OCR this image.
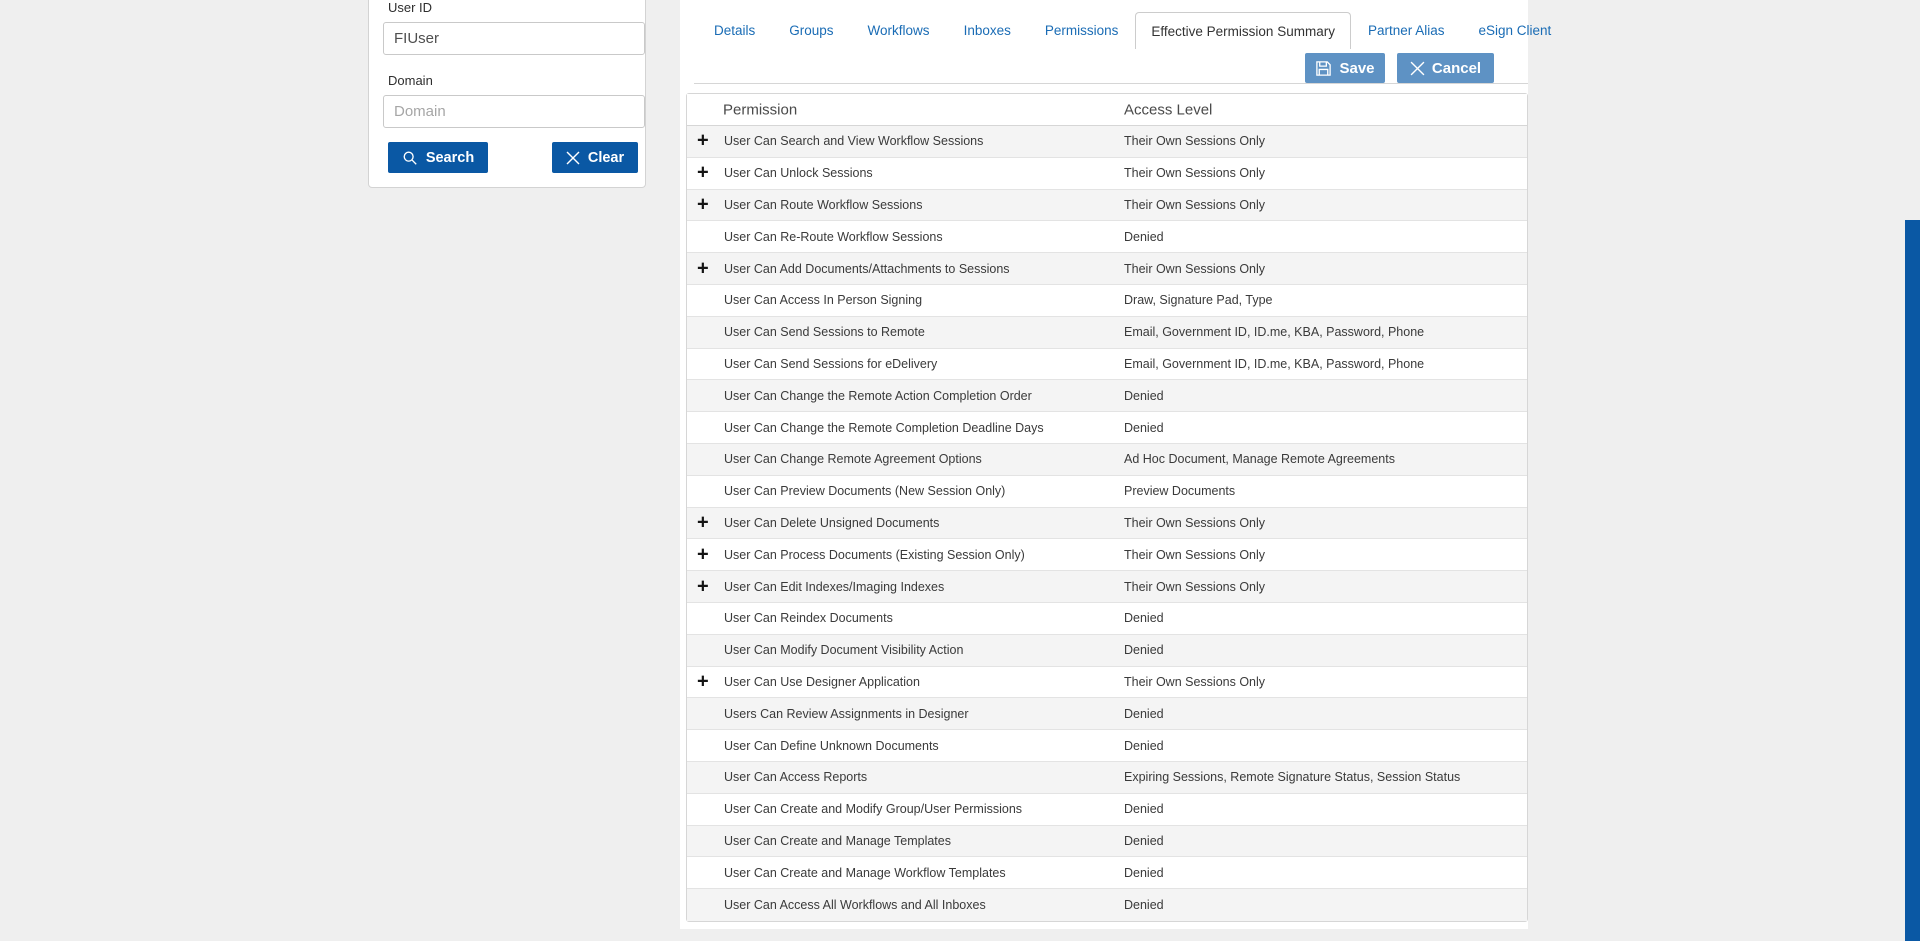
User ID
FIUser
Domain
Domain
Search	Clear
Details	Groups	Workflows	Inboxes	Permissions	Effective Permission Summary	Partner Alias	eSign Client
Save	Cancel
Permission	Access Level
+ User Can Search and View Workflow Sessions	Their Own Sessions Only
+ User Can Unlock Sessions	Their Own Sessions Only
+ User Can Route Workflow Sessions	Their Own Sessions Only
User Can Re-Route Workflow Sessions	Denied
+ User Can Add Documents/Attachments to Sessions	Their Own Sessions Only
User Can Access In Person Signing	Draw, Signature Pad, Type
User Can Send Sessions to Remote	Email, Government ID, ID.me, KBA, Password, Phone
User Can Send Sessions for eDelivery	Email, Government ID, ID.me, KBA, Password, Phone
User Can Change the Remote Action Completion Order	Denied
User Can Change the Remote Completion Deadline Days	Denied
User Can Change Remote Agreement Options	Ad Hoc Document, Manage Remote Agreements
User Can Preview Documents (New Session Only)	Preview Documents
+ User Can Delete Unsigned Documents	Their Own Sessions Only
+ User Can Process Documents (Existing Session Only)	Their Own Sessions Only
+ User Can Edit Indexes/Imaging Indexes	Their Own Sessions Only
User Can Reindex Documents	Denied
User Can Modify Document Visibility Action	Denied
+ User Can Use Designer Application	Their Own Sessions Only
Users Can Review Assignments in Designer	Denied
User Can Define Unknown Documents	Denied
User Can Access Reports	Expiring Sessions, Remote Signature Status, Session Status
User Can Create and Modify Group/User Permissions	Denied
User Can Create and Manage Templates	Denied
User Can Create and Manage Workflow Templates	Denied
User Can Access All Workflows and All Inboxes	Denied
